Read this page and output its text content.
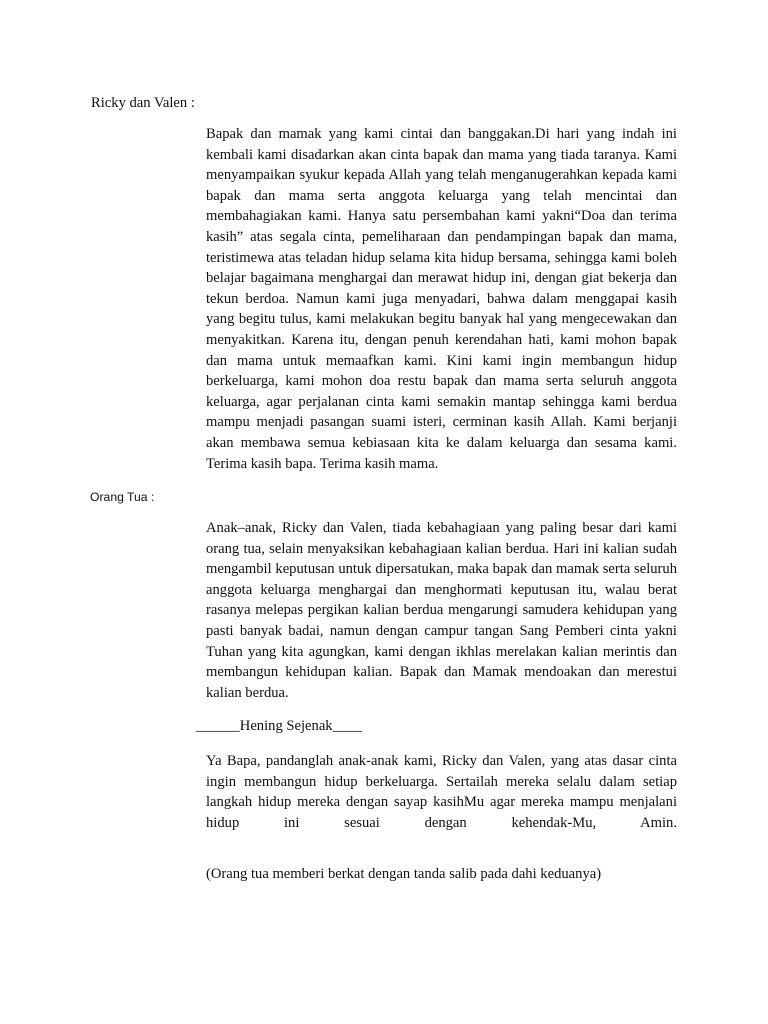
Ricky dan Valen :

Bapak dan mamak yang kami cintai dan banggakan.Di hari yang indah ini kembali kami disadarkan akan cinta bapak dan mama yang tiada taranya. Kami menyampaikan syukur kepada Allah yang telah menganugerahkan kepada kami bapak dan mama serta anggota keluarga yang telah mencintai dan membahagiakan kami. Hanya satu persembahan kami yakni“Doa dan terima kasih” atas segala cinta, pemeliharaan dan pendampingan bapak dan mama, teristimewa atas teladan hidup selama kita hidup bersama, sehingga kami boleh belajar bagaimana menghargai dan merawat hidup ini, dengan giat bekerja dan tekun berdoa. Namun kami juga menyadari, bahwa dalam menggapai kasih yang begitu tulus, kami melakukan begitu banyak hal yang mengecewakan dan menyakitkan. Karena itu, dengan penuh kerendahan hati, kami mohon bapak dan mama untuk memaafkan kami. Kini kami ingin membangun hidup berkeluarga, kami mohon doa restu bapak dan mama serta seluruh anggota keluarga, agar perjalanan cinta kami semakin mantap sehingga kami berdua mampu menjadi pasangan suami isteri, cerminan kasih Allah. Kami berjanji akan membawa semua kebiasaan kita ke dalam keluarga dan sesama kami. Terima kasih bapa. Terima kasih mama.

Orang Tua :

Anak–anak, Ricky dan Valen, tiada kebahagiaan yang paling besar dari kami orang tua, selain menyaksikan kebahagiaan kalian berdua. Hari ini kalian sudah mengambil keputusan untuk dipersatukan, maka bapak dan mamak serta seluruh anggota keluarga menghargai dan menghormati keputusan itu, walau berat rasanya melepas pergikan kalian berdua mengarungi samudera kehidupan yang pasti banyak badai, namun dengan campur tangan Sang Pemberi cinta yakni Tuhan yang kita agungkan, kami dengan ikhlas merelakan kalian merintis dan membangun kehidupan kalian. Bapak dan Mamak mendoakan dan merestui kalian berdua.

______Hening Sejenak____

Ya Bapa, pandanglah anak-anak kami, Ricky dan Valen, yang atas dasar cinta ingin membangun hidup berkeluarga. Sertailah mereka selalu dalam setiap langkah hidup mereka dengan sayap kasihMu agar mereka mampu menjalani hidup ini sesuai dengan kehendak-Mu, Amin.

(Orang tua memberi berkat dengan tanda salib pada dahi keduanya)
